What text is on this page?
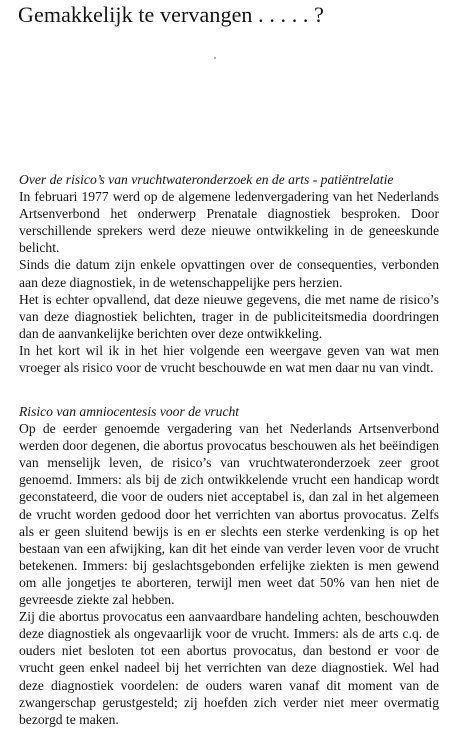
Gemakkelijk te vervangen . . . . . ?
Over de risico’s van vruchtwateronderzoek en de arts - patiëntrelatie

In februari 1977 werd op de algemene ledenvergadering van het Nederlands Artsenverbond het onderwerp Prenatale diagnostiek besproken. Door verschillende sprekers werd deze nieuwe ontwikkeling in de geneeskunde belicht.

Sinds die datum zijn enkele opvattingen over de consequenties, verbonden aan deze diagnostiek, in de wetenschappelijke pers herzien.

Het is echter opvallend, dat deze nieuwe gegevens, die met name de risico’s van deze diagnostiek belichten, trager in de publiciteitsmedia doordringen dan de aanvankelijke berichten over deze ontwikkeling.

In het kort wil ik in het hier volgende een weergave geven van wat men vroeger als risico voor de vrucht beschouwde en wat men daar nu van vindt.

Risico van amniocentesis voor de vrucht

Op de eerder genoemde vergadering van het Nederlands Artsenverbond werden door degenen, die abortus provocatus beschouwen als het beëindigen van menselijk leven, de risico’s van vruchtwateronderzoek zeer groot genoemd. Immers: als bij de zich ontwikkelende vrucht een handicap wordt geconstateerd, die voor de ouders niet acceptabel is, dan zal in het algemeen de vrucht worden gedood door het verrichten van abortus provocatus. Zelfs als er geen sluitend bewijs is en er slechts een sterke verdenking is op het bestaan van een afwijking, kan dit het einde van verder leven voor de vrucht betekenen. Immers: bij geslachtsgebonden erfelijke ziekten is men gewend om alle jongetjes te aborteren, terwijl men weet dat 50% van hen niet de gevreesde ziekte zal hebben.

Zij die abortus provocatus een aanvaardbare handeling achten, beschouwden deze diagnostiek als ongevaarlijk voor de vrucht. Immers: als de arts c.q. de ouders niet besloten tot een abortus provocatus, dan bestond er voor de vrucht geen enkel nadeel bij het verrichten van deze diagnostiek. Wel had deze diagnostiek voordelen: de ouders waren vanaf dit moment van de zwangerschap gerustgesteld; zij hoefden zich verder niet meer overmatig bezorgd te maken.
